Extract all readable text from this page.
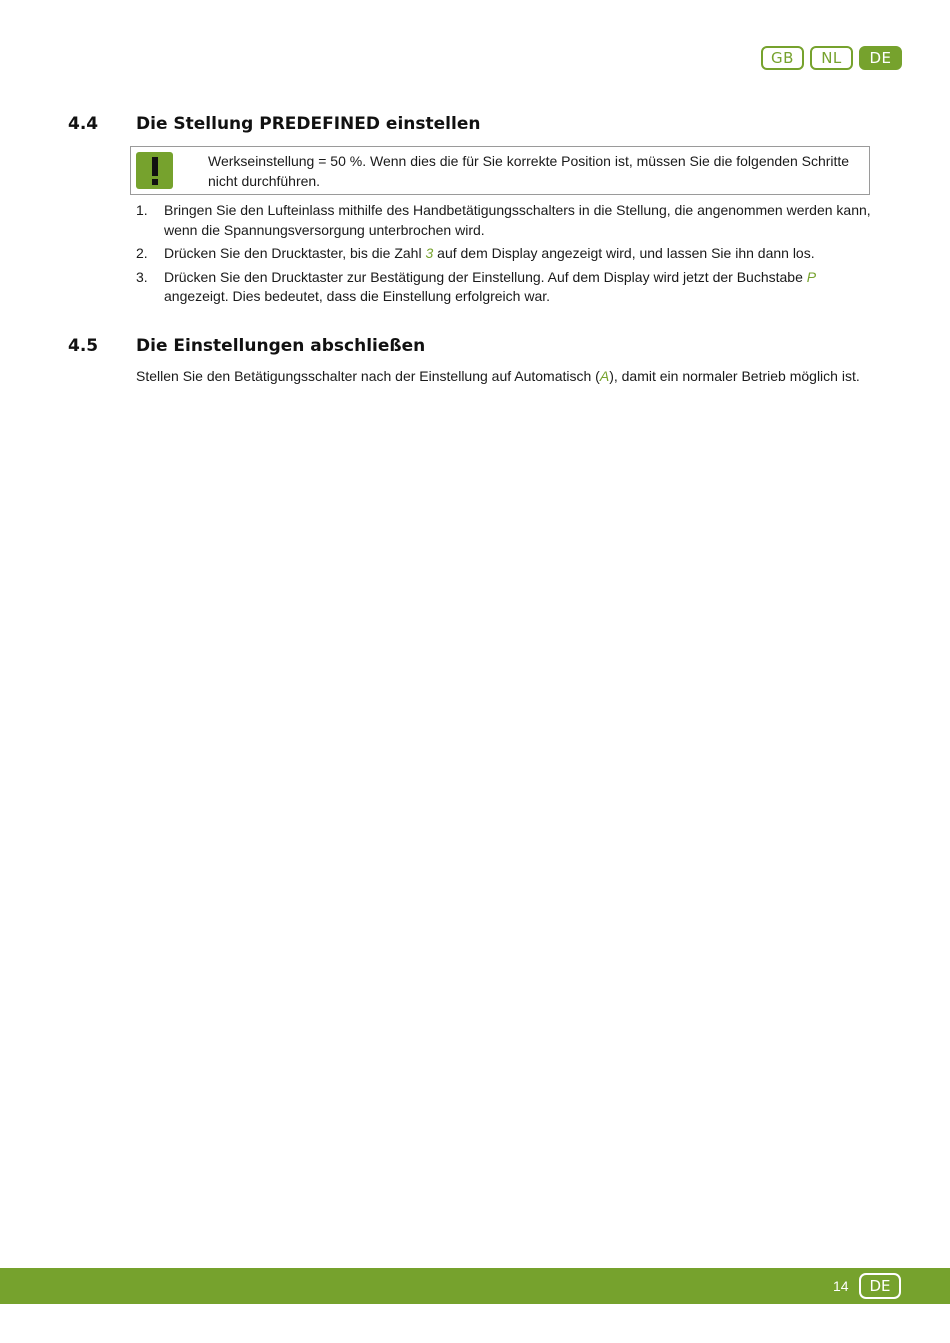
GB	NL	DE
4.4 Die Stellung PREDEFINED einstellen
Werkseinstellung = 50 %. Wenn dies die für Sie korrekte Position ist, müssen Sie die folgenden Schritte nicht durchführen.
1. Bringen Sie den Lufteinlass mithilfe des Handbetätigungsschalters in die Stellung, die angenommen werden kann, wenn die Spannungsversorgung unterbrochen wird.
2. Drücken Sie den Drucktaster, bis die Zahl 3 auf dem Display angezeigt wird, und lassen Sie ihn dann los.
3. Drücken Sie den Drucktaster zur Bestätigung der Einstellung. Auf dem Display wird jetzt der Buchstabe P angezeigt. Dies bedeutet, dass die Einstellung erfolgreich war.
4.5 Die Einstellungen abschließen
Stellen Sie den Betätigungsschalter nach der Einstellung auf Automatisch (A), damit ein normaler Betrieb möglich ist.
14	DE
